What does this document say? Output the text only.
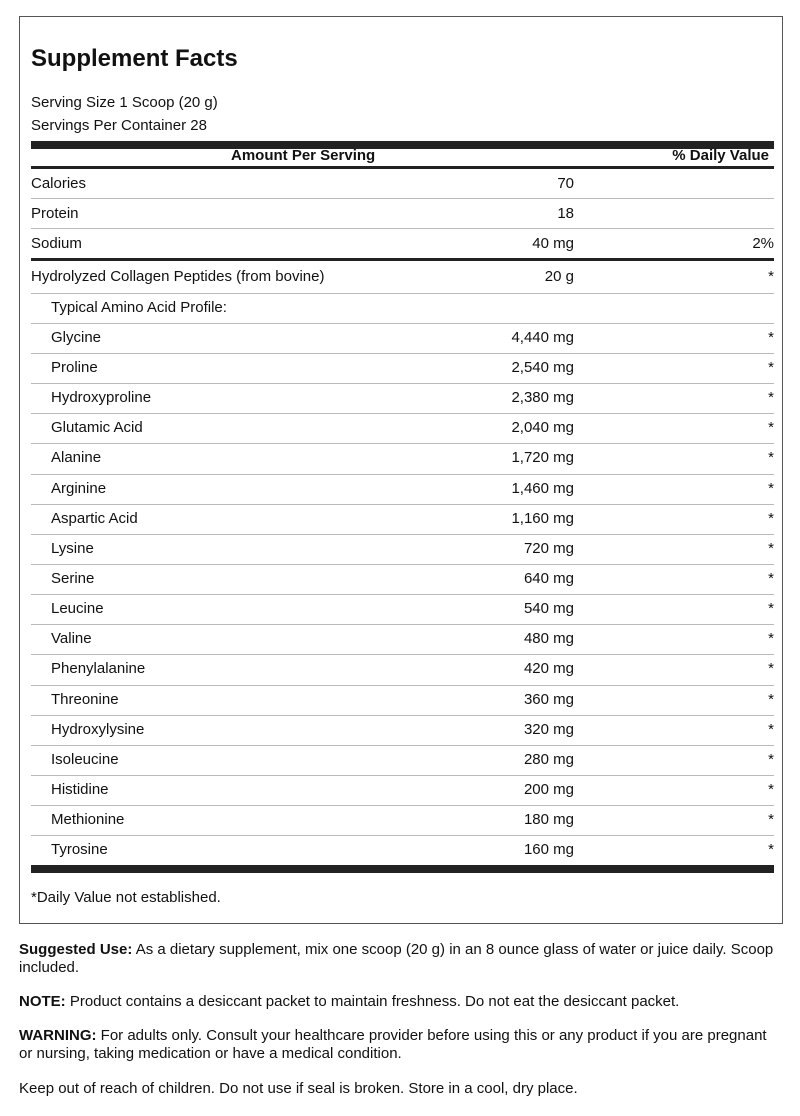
Supplement Facts
Serving Size 1 Scoop (20 g)
Servings Per Container 28
Amount Per Serving	% Daily Value
Calories	70
Protein	18
Sodium	40 mg	2%
Hydrolyzed Collagen Peptides (from bovine)	20 g	*
Typical Amino Acid Profile:
Glycine	4,440 mg	*
Proline	2,540 mg	*
Hydroxyproline	2,380 mg	*
Glutamic Acid	2,040 mg	*
Alanine	1,720 mg	*
Arginine	1,460 mg	*
Aspartic Acid	1,160 mg	*
Lysine	720 mg	*
Serine	640 mg	*
Leucine	540 mg	*
Valine	480 mg	*
Phenylalanine	420 mg	*
Threonine	360 mg	*
Hydroxylysine	320 mg	*
Isoleucine	280 mg	*
Histidine	200 mg	*
Methionine	180 mg	*
Tyrosine	160 mg	*
*Daily Value not established.

Suggested Use: As a dietary supplement, mix one scoop (20 g) in an 8 ounce glass of water or juice daily. Scoop included.

NOTE: Product contains a desiccant packet to maintain freshness. Do not eat the desiccant packet.

WARNING: For adults only. Consult your healthcare provider before using this or any product if you are pregnant or nursing, taking medication or have a medical condition.

Keep out of reach of children. Do not use if seal is broken. Store in a cool, dry place.
